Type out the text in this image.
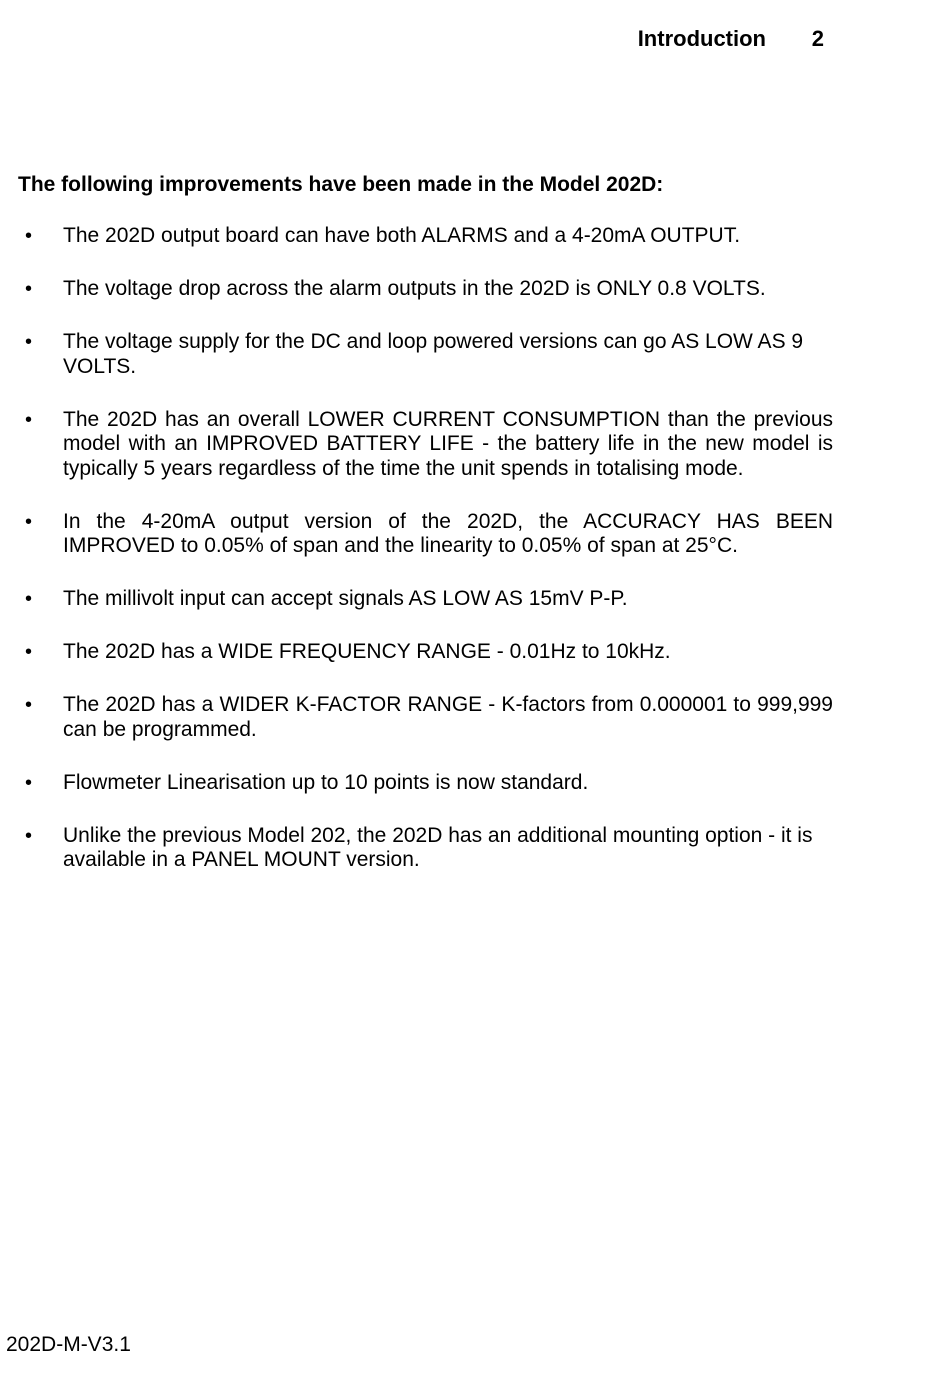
Introduction 2
The following improvements have been made in the Model 202D:
• The 202D output board can have both ALARMS and a 4-20mA OUTPUT.
• The voltage drop across the alarm outputs in the 202D is ONLY 0.8 VOLTS.
• The voltage supply for the DC and loop powered versions can go AS LOW AS 9 VOLTS.
• The 202D has an overall LOWER CURRENT CONSUMPTION than the previous model with an IMPROVED BATTERY LIFE - the battery life in the new model is typically 5 years regardless of the time the unit spends in totalising mode.
• In the 4-20mA output version of the 202D, the ACCURACY HAS BEEN IMPROVED to 0.05% of span and the linearity to 0.05% of span at 25°C.
• The millivolt input can accept signals AS LOW AS 15mV P-P.
• The 202D has a WIDE FREQUENCY RANGE - 0.01Hz to 10kHz.
• The 202D has a WIDER K-FACTOR RANGE - K-factors from 0.000001 to 999,999 can be programmed.
• Flowmeter Linearisation up to 10 points is now standard.
• Unlike the previous Model 202, the 202D has an additional mounting option - it is available in a PANEL MOUNT version.
202D-M-V3.1
